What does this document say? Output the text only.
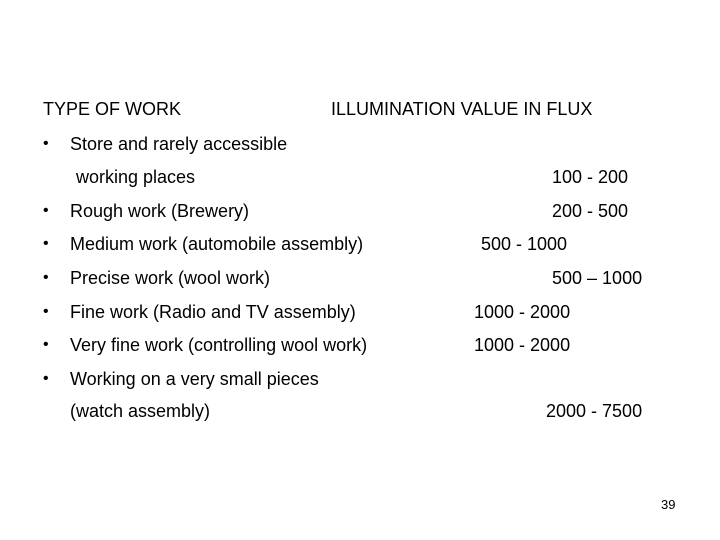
TYPE OF WORK	ILLUMINATION VALUE IN FLUX
• Store and rarely accessible
working places	100 - 200
• Rough work (Brewery)	200 - 500
• Medium work (automobile assembly)	500 - 1000
• Precise work (wool work)	500 – 1000
• Fine work (Radio and TV assembly)	1000 - 2000
• Very fine work (controlling wool work)	1000 - 2000
• Working on a very small pieces
(watch assembly)	2000 - 7500
39
